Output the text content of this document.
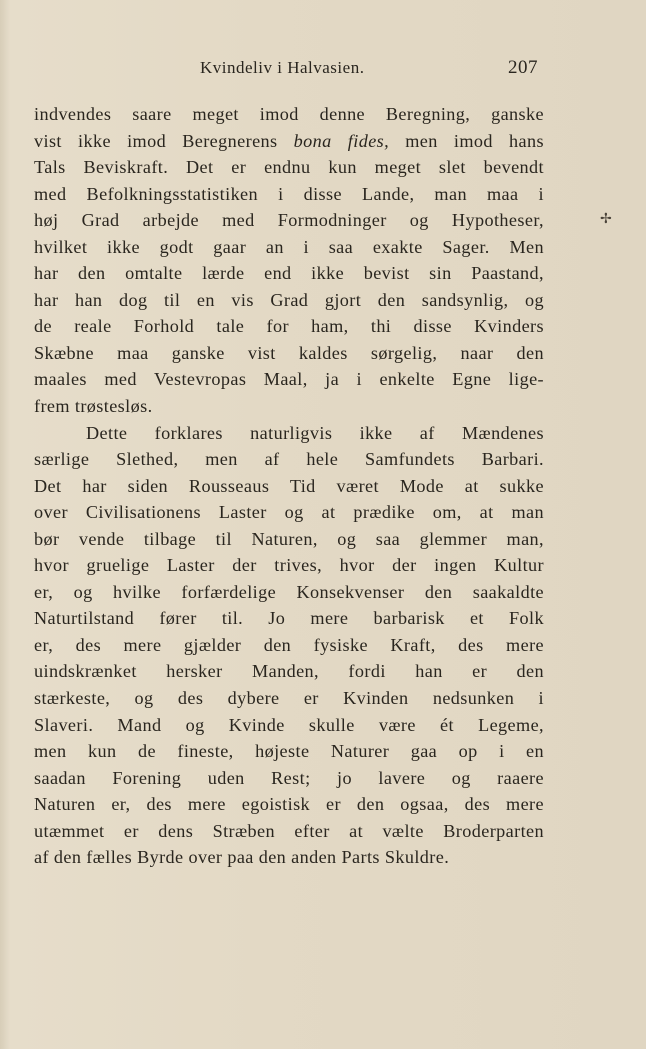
Kvindeliv i Halvasien.	207
✢
indvendes saare meget imod denne Beregning, ganske
vist ikke imod Beregnerens bona fides, men imod hans
Tals Beviskraft. Det er endnu kun meget slet bevendt
med Befolkningsstatistiken i disse Lande, man maa i
høj Grad arbejde med Formodninger og Hypotheser,
hvilket ikke godt gaar an i saa exakte Sager. Men
har den omtalte lærde end ikke bevist sin Paastand,
har han dog til en vis Grad gjort den sandsynlig, og
de reale Forhold tale for ham, thi disse Kvinders
Skæbne maa ganske vist kaldes sørgelig, naar den
maales med Vestevropas Maal, ja i enkelte Egne lige-
frem trøstesløs.
Dette forklares naturligvis ikke af Mændenes
særlige Slethed, men af hele Samfundets Barbari.
Det har siden Rousseaus Tid været Mode at sukke
over Civilisationens Laster og at prædike om, at man
bør vende tilbage til Naturen, og saa glemmer man,
hvor gruelige Laster der trives, hvor der ingen Kultur
er, og hvilke forfærdelige Konsekvenser den saakaldte
Naturtilstand fører til. Jo mere barbarisk et Folk
er, des mere gjælder den fysiske Kraft, des mere
uindskrænket hersker Manden, fordi han er den
stærkeste, og des dybere er Kvinden nedsunken i
Slaveri. Mand og Kvinde skulle være ét Legeme,
men kun de fineste, højeste Naturer gaa op i en
saadan Forening uden Rest; jo lavere og raaere
Naturen er, des mere egoistisk er den ogsaa, des mere
utæmmet er dens Stræben efter at vælte Broderparten
af den fælles Byrde over paa den anden Parts Skuldre.
